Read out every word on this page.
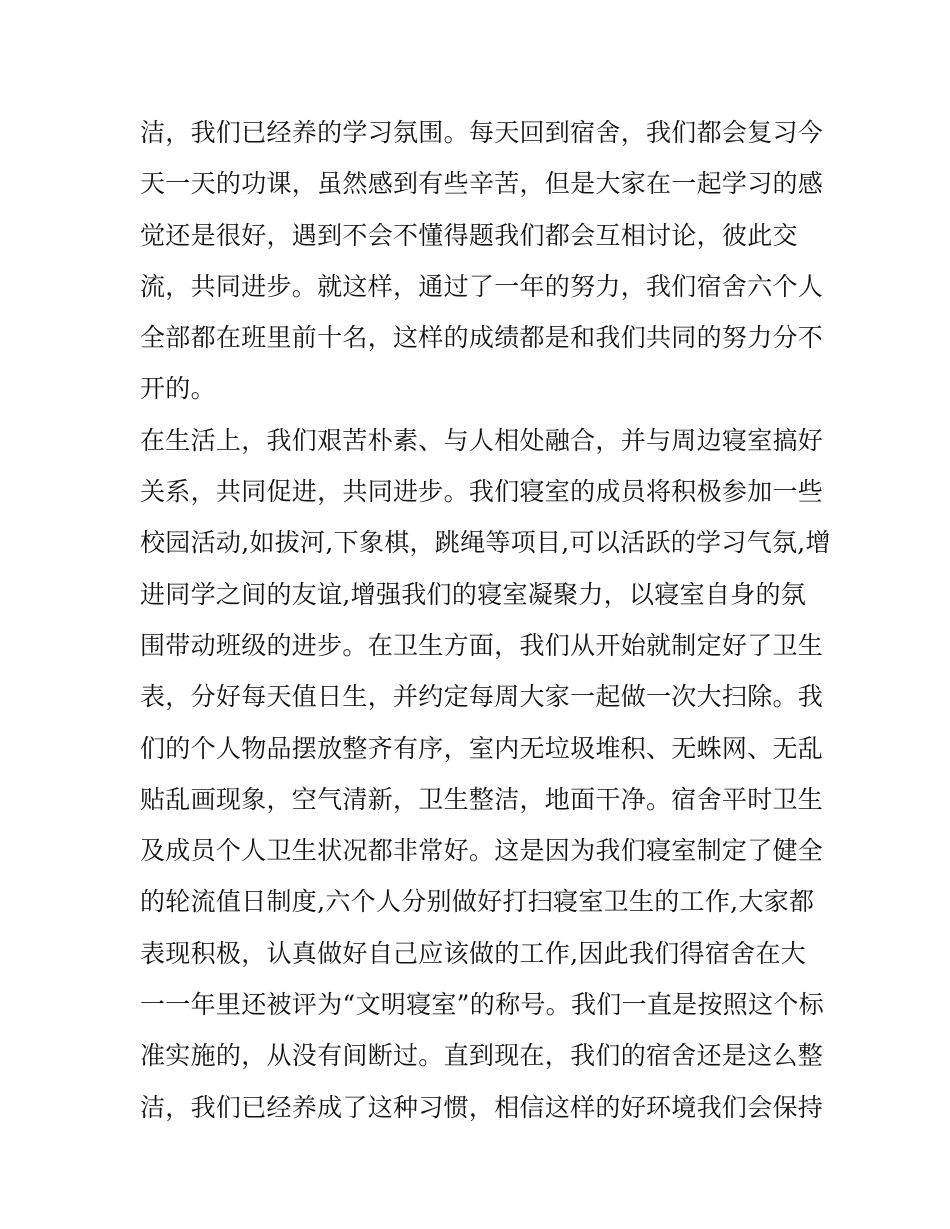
洁，我们已经养的学习氛围。每天回到宿舍，我们都会复习今
天一天的功课，虽然感到有些辛苦，但是大家在一起学习的感
觉还是很好，遇到不会不懂得题我们都会互相讨论，彼此交
流，共同进步。就这样，通过了一年的努力，我们宿舍六个人
全部都在班里前十名，这样的成绩都是和我们共同的努力分不
开的。
在生活上，我们艰苦朴素、与人相处融合，并与周边寝室搞好
关系，共同促进，共同进步。我们寝室的成员将积极参加一些
校园活动,如拔河,下象棋，跳绳等项目,可以活跃的学习气氛,增
进同学之间的友谊,增强我们的寝室凝聚力，以寝室自身的氛
围带动班级的进步。在卫生方面，我们从开始就制定好了卫生
表，分好每天值日生，并约定每周大家一起做一次大扫除。我
们的个人物品摆放整齐有序，室内无垃圾堆积、无蛛网、无乱
贴乱画现象，空气清新，卫生整洁，地面干净。宿舍平时卫生
及成员个人卫生状况都非常好。这是因为我们寝室制定了健全
的轮流值日制度,六个人分别做好打扫寝室卫生的工作,大家都
表现积极，认真做好自己应该做的工作,因此我们得宿舍在大
一一年里还被评为“文明寝室”的称号。我们一直是按照这个标
准实施的，从没有间断过。直到现在，我们的宿舍还是这么整
洁，我们已经养成了这种习惯，相信这样的好环境我们会保持
